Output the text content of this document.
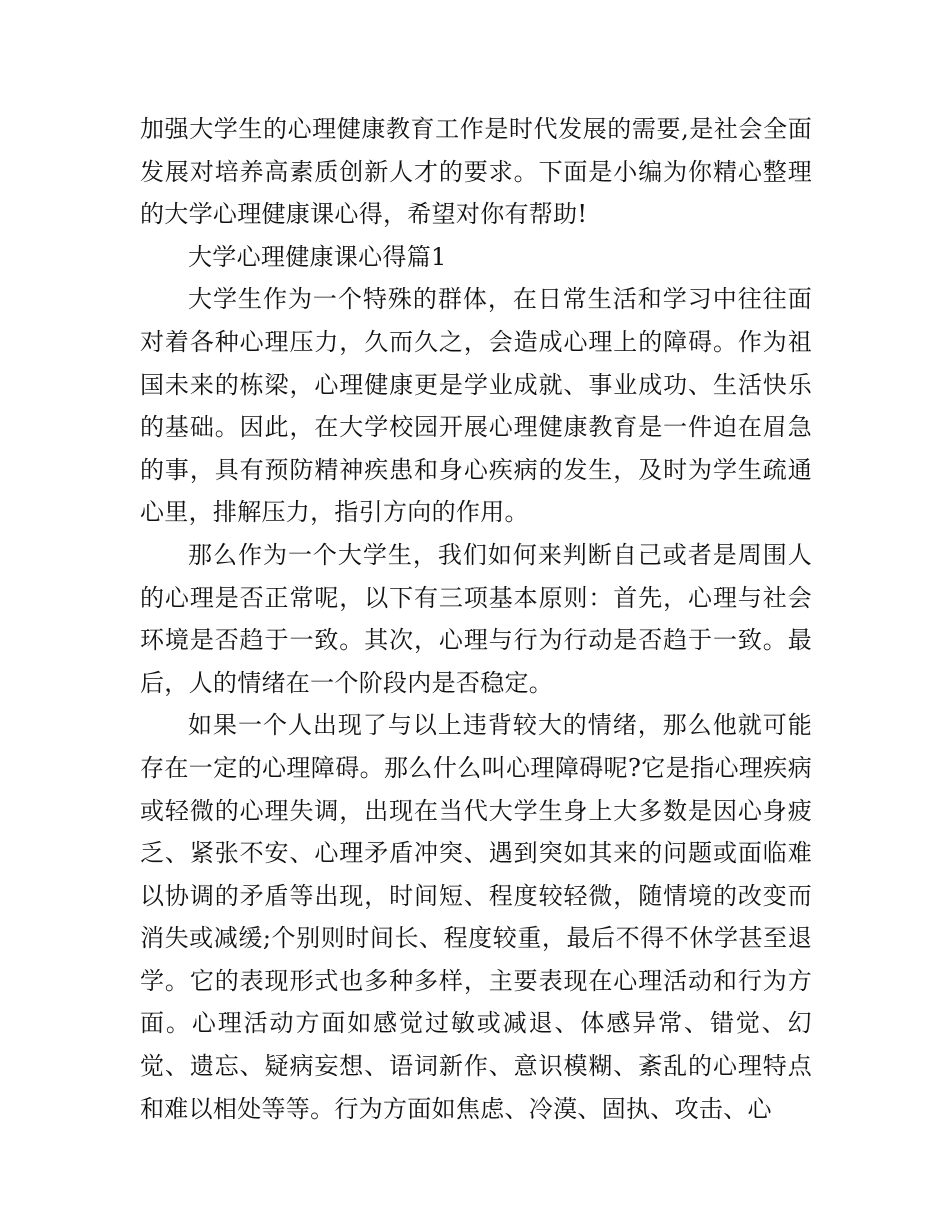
加强大学生的心理健康教育工作是时代发展的需要,是社会全面发展对培养高素质创新人才的要求。下面是小编为你精心整理的大学心理健康课心得，希望对你有帮助!

大学心理健康课心得篇1

大学生作为一个特殊的群体，在日常生活和学习中往往面对着各种心理压力，久而久之，会造成心理上的障碍。作为祖国未来的栋梁，心理健康更是学业成就、事业成功、生活快乐的基础。因此，在大学校园开展心理健康教育是一件迫在眉急的事，具有预防精神疾患和身心疾病的发生，及时为学生疏通心里，排解压力，指引方向的作用。

那么作为一个大学生，我们如何来判断自己或者是周围人的心理是否正常呢，以下有三项基本原则：首先，心理与社会环境是否趋于一致。其次，心理与行为行动是否趋于一致。最后，人的情绪在一个阶段内是否稳定。

如果一个人出现了与以上违背较大的情绪，那么他就可能存在一定的心理障碍。那么什么叫心理障碍呢?它是指心理疾病或轻微的心理失调，出现在当代大学生身上大多数是因心身疲乏、紧张不安、心理矛盾冲突、遇到突如其来的问题或面临难以协调的矛盾等出现，时间短、程度较轻微，随情境的改变而消失或减缓;个别则时间长、程度较重，最后不得不休学甚至退学。它的表现形式也多种多样，主要表现在心理活动和行为方面。心理活动方面如感觉过敏或减退、体感异常、错觉、幻觉、遗忘、疑病妄想、语词新作、意识模糊、紊乱的心理特点和难以相处等等。行为方面如焦虑、冷漠、固执、攻击、心
